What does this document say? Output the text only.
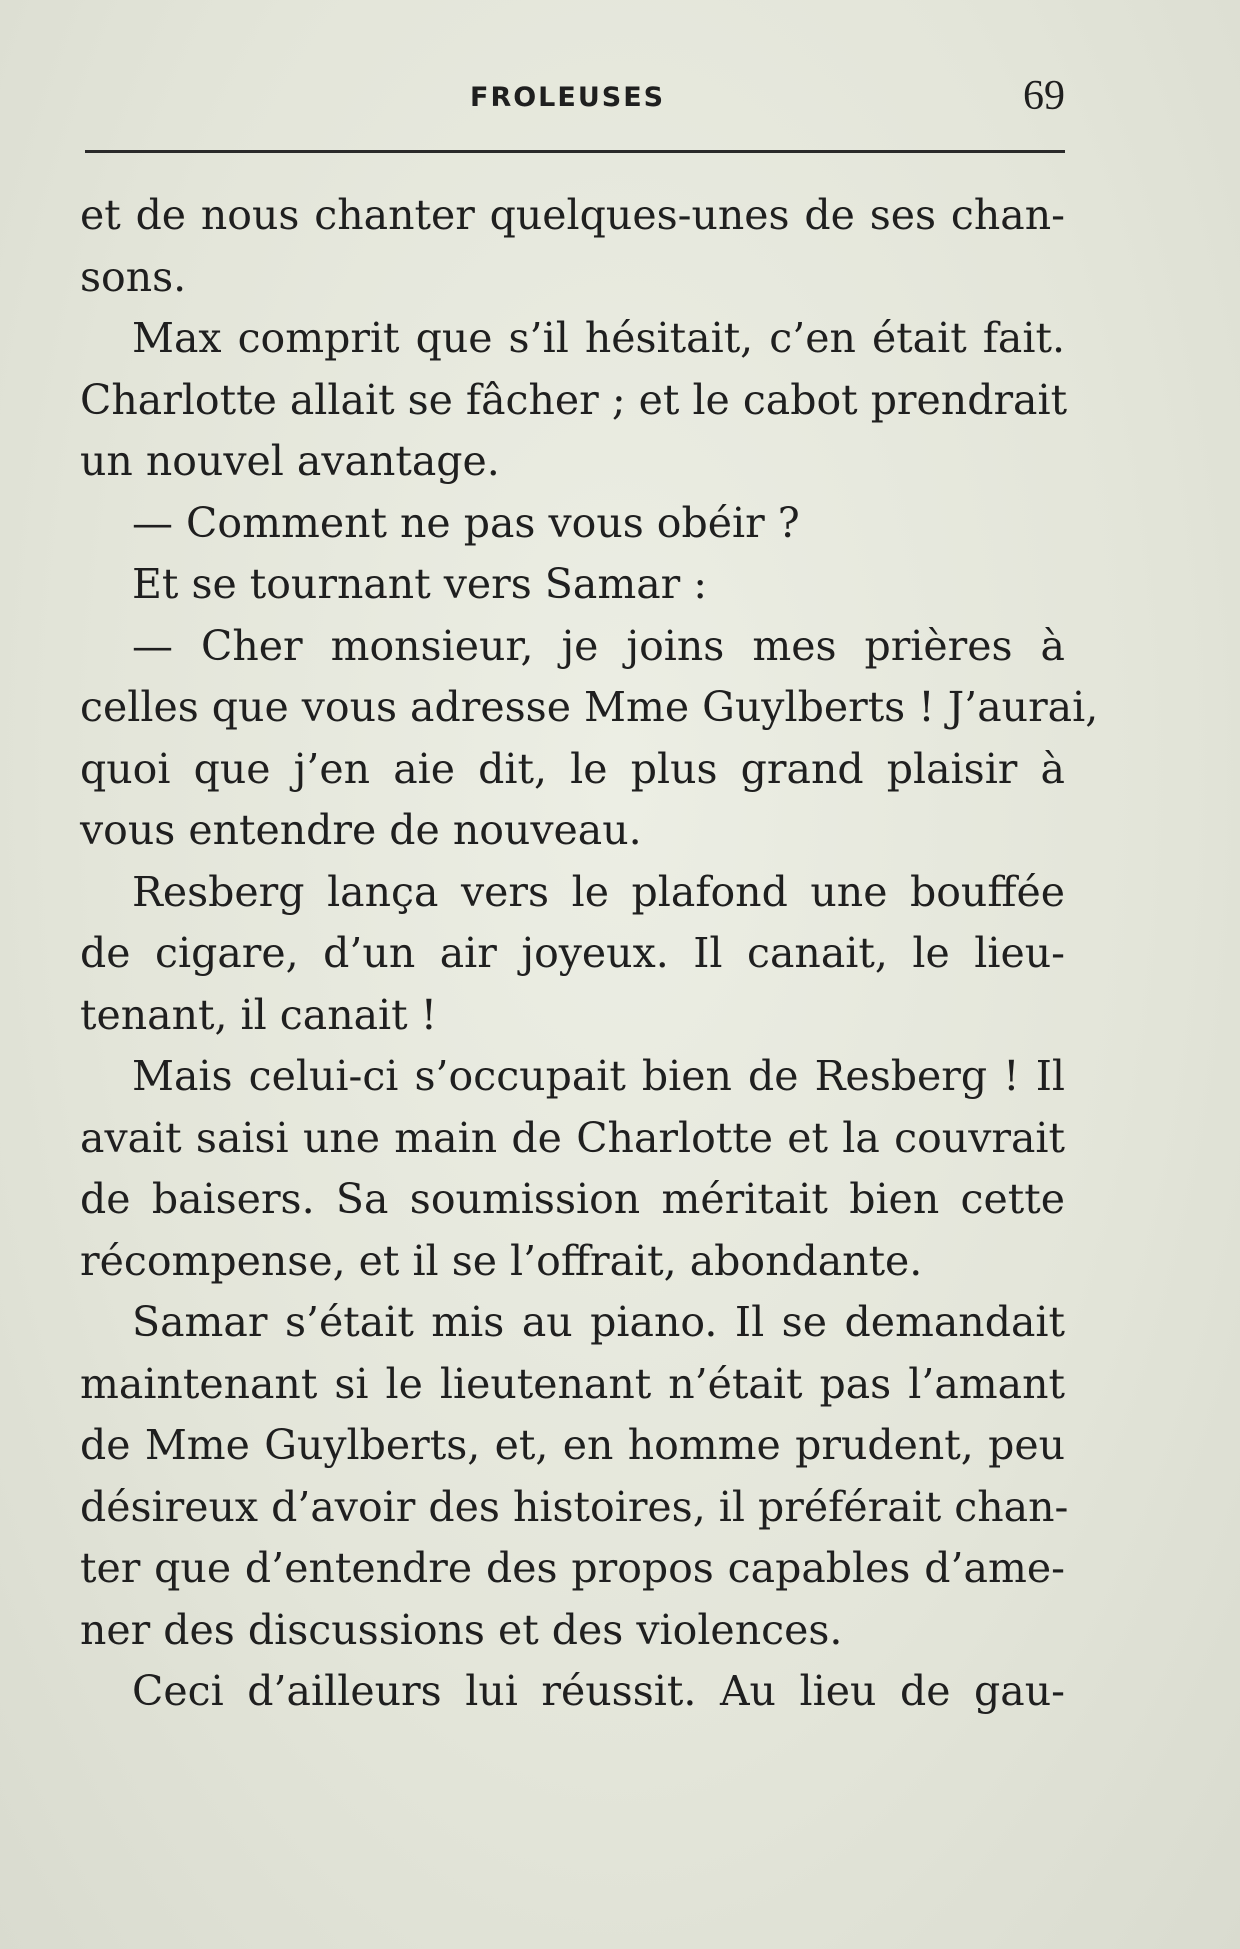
FROLEUSES	69
et de nous chanter quelques-unes de ses chan-
sons.
Max comprit que s’il hésitait, c’en était fait.
Charlotte allait se fâcher ; et le cabot prendrait
un nouvel avantage.
— Comment ne pas vous obéir ?
Et se tournant vers Samar :
— Cher monsieur, je joins mes prières à
celles que vous adresse Mme Guylberts ! J’aurai,
quoi que j’en aie dit, le plus grand plaisir à
vous entendre de nouveau.
Resberg lança vers le plafond une bouffée
de cigare, d’un air joyeux. Il canait, le lieu-
tenant, il canait !
Mais celui-ci s’occupait bien de Resberg ! Il
avait saisi une main de Charlotte et la couvrait
de baisers. Sa soumission méritait bien cette
récompense, et il se l’offrait, abondante.
Samar s’était mis au piano. Il se demandait
maintenant si le lieutenant n’était pas l’amant
de Mme Guylberts, et, en homme prudent, peu
désireux d’avoir des histoires, il préférait chan-
ter que d’entendre des propos capables d’ame-
ner des discussions et des violences.
Ceci d’ailleurs lui réussit. Au lieu de gau-
